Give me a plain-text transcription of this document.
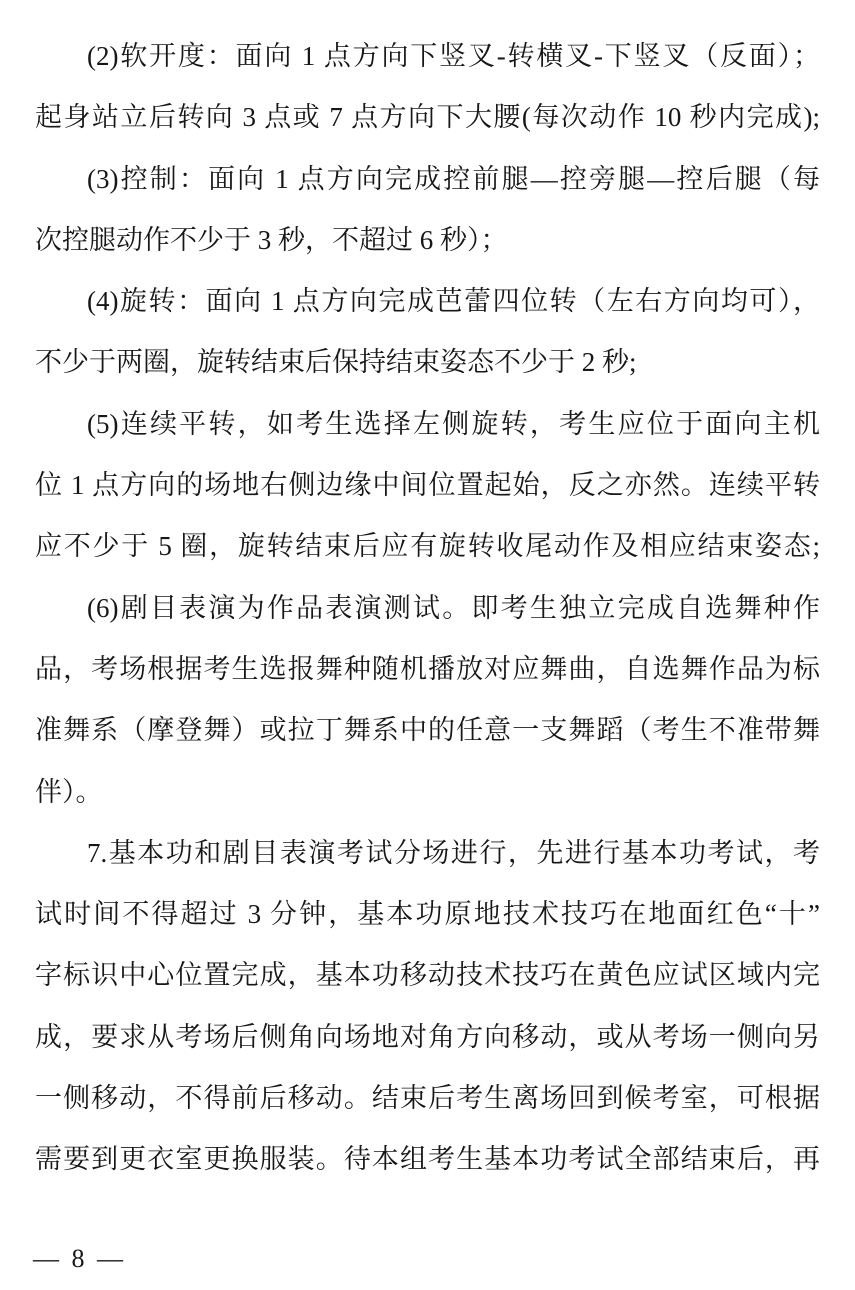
(2)软开度：面向 1 点方向下竖叉-转横叉-下竖叉（反面）；
起身站立后转向 3 点或 7 点方向下大腰(每次动作 10 秒内完成);
(3)控制：面向 1 点方向完成控前腿—控旁腿—控后腿（每
次控腿动作不少于 3 秒，不超过 6 秒）；
(4)旋转：面向 1 点方向完成芭蕾四位转（左右方向均可），
不少于两圈，旋转结束后保持结束姿态不少于 2 秒;
(5)连续平转，如考生选择左侧旋转，考生应位于面向主机
位 1 点方向的场地右侧边缘中间位置起始，反之亦然。连续平转
应不少于 5 圈，旋转结束后应有旋转收尾动作及相应结束姿态;
(6)剧目表演为作品表演测试。即考生独立完成自选舞种作
品，考场根据考生选报舞种随机播放对应舞曲，自选舞作品为标
准舞系（摩登舞）或拉丁舞系中的任意一支舞蹈（考生不准带舞
伴）。
7.基本功和剧目表演考试分场进行，先进行基本功考试，考
试时间不得超过 3 分钟，基本功原地技术技巧在地面红色“十”
字标识中心位置完成，基本功移动技术技巧在黄色应试区域内完
成，要求从考场后侧角向场地对角方向移动，或从考场一侧向另
一侧移动，不得前后移动。结束后考生离场回到候考室，可根据
需要到更衣室更换服装。待本组考生基本功考试全部结束后，再
— 8 —
